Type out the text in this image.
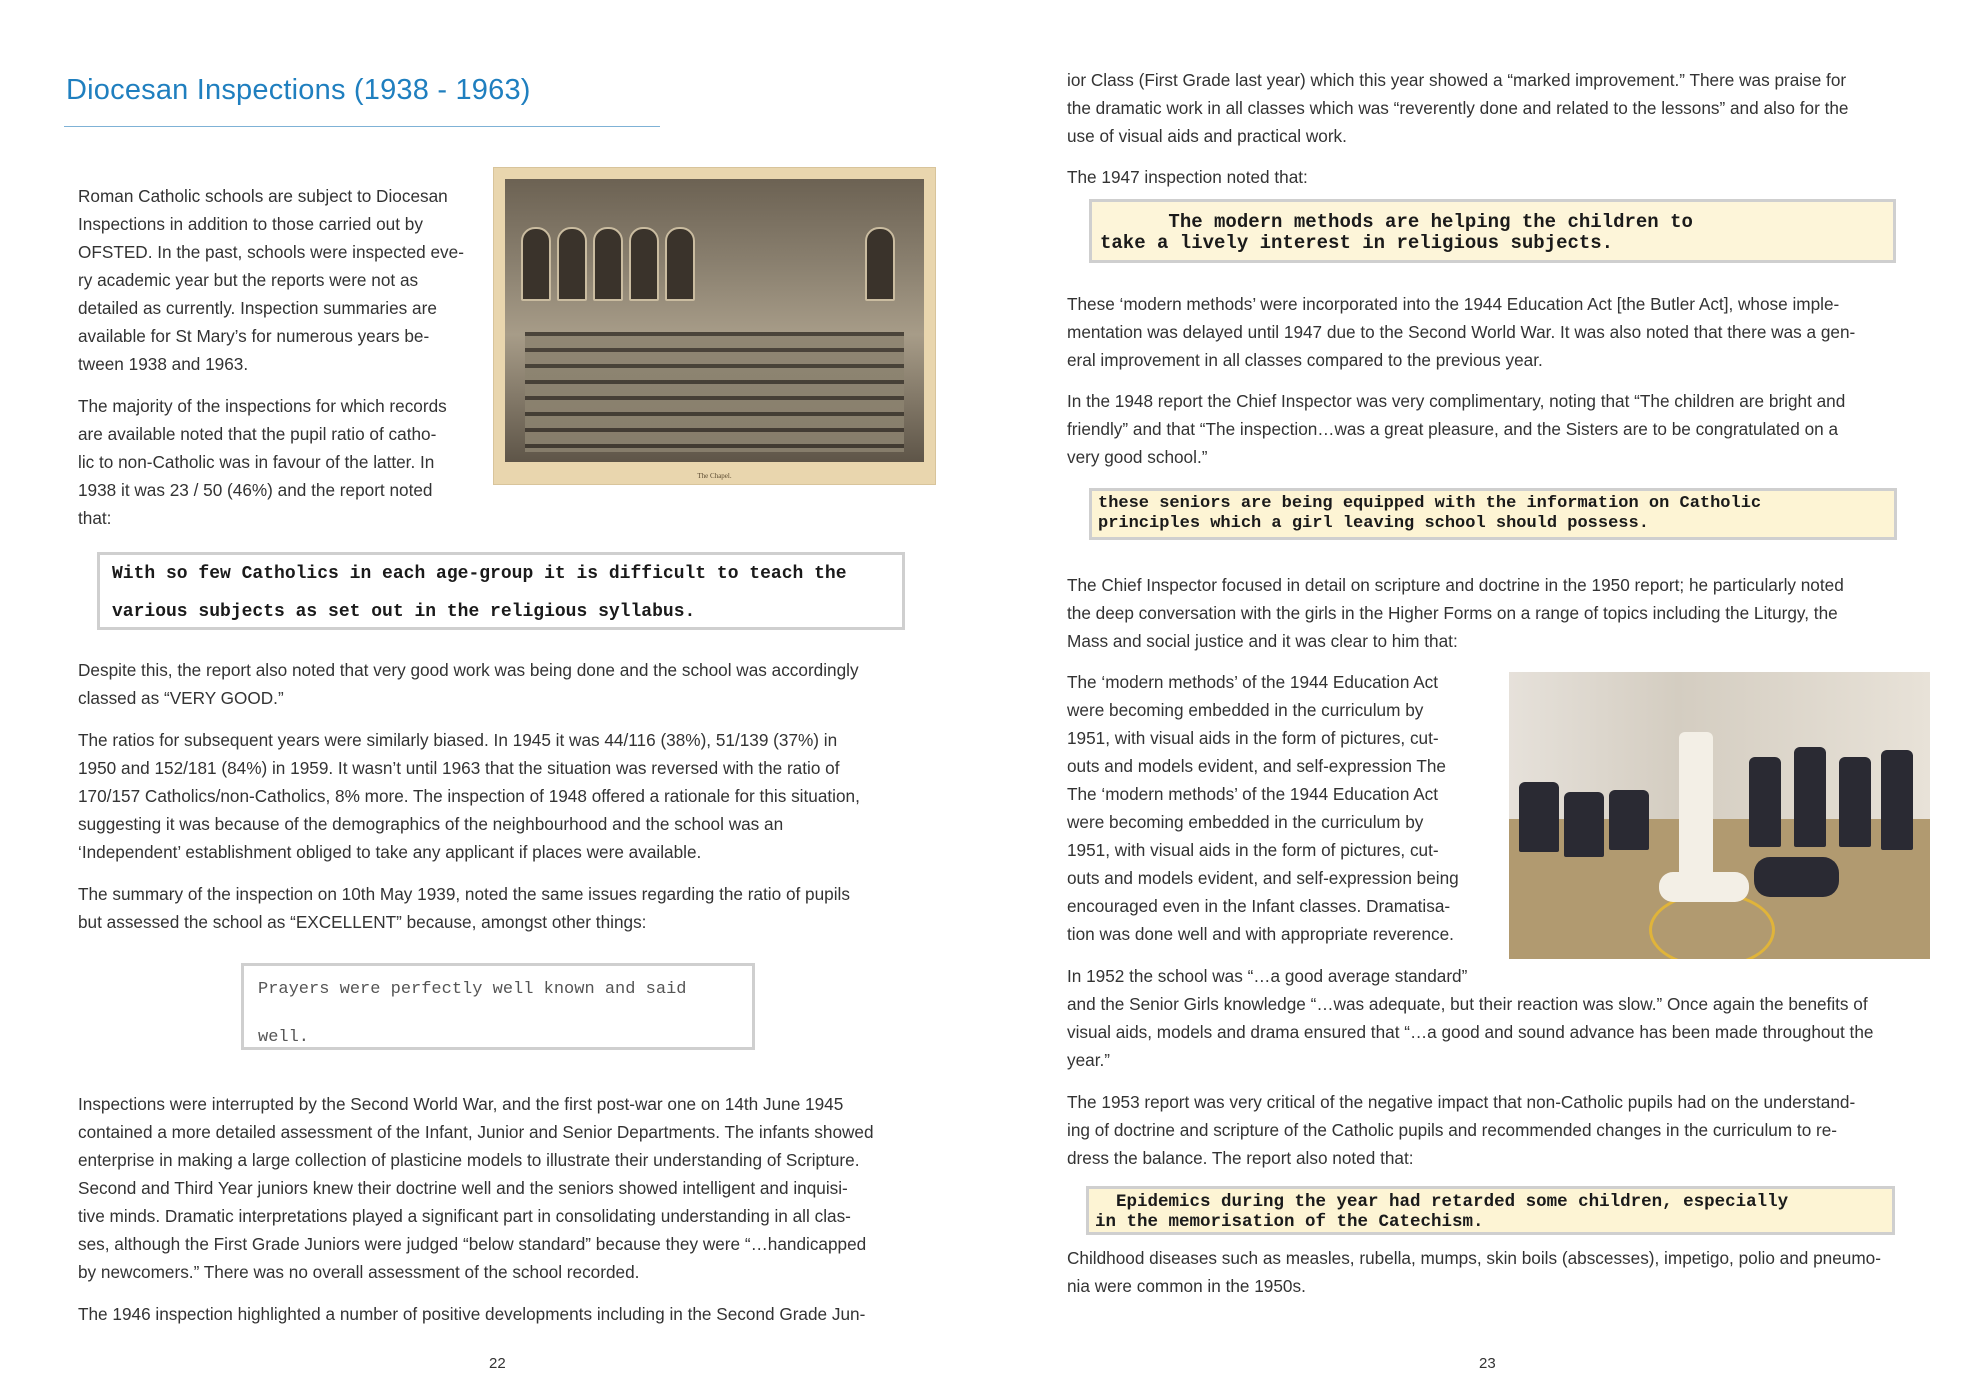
Diocesan Inspections (1938 - 1963)

Roman Catholic schools are subject to Diocesan
Inspections in addition to those carried out by
OFSTED. In the past, schools were inspected eve-
ry academic year but the reports were not as
detailed as currently. Inspection summaries are
available for St Mary’s for numerous years be-
tween 1938 and 1963.

The majority of the inspections for which records
are available noted that the pupil ratio of catho-
lic to non-Catholic was in favour of the latter. In
1938 it was 23 / 50 (46%) and the report noted
that:

The Chapel.
With so few Catholics in each age-group it is difficult to teach the
various subjects as set out in the religious syllabus.

Despite this, the report also noted that very good work was being done and the school was accordingly
classed as “VERY GOOD.”

The ratios for subsequent years were similarly biased. In 1945 it was 44/116 (38%), 51/139 (37%) in
1950 and 152/181 (84%) in 1959. It wasn’t until 1963 that the situation was reversed with the ratio of
170/157 Catholics/non-Catholics, 8% more. The inspection of 1948 offered a rationale for this situation,
suggesting it was because of the demographics of the neighbourhood and the school was an
‘Independent’ establishment obliged to take any applicant if places were available.

The summary of the inspection on 10th May 1939, noted the same issues regarding the ratio of pupils
but assessed the school as “EXCELLENT” because, amongst other things:

Prayers were perfectly well known and said
well.

Inspections were interrupted by the Second World War, and the first post-war one on 14th June 1945
contained a more detailed assessment of the Infant, Junior and Senior Departments. The infants showed
enterprise in making a large collection of plasticine models to illustrate their understanding of Scripture.
Second and Third Year juniors knew their doctrine well and the seniors showed intelligent and inquisi-
tive minds. Dramatic interpretations played a significant part in consolidating understanding in all clas-
ses, although the First Grade Juniors were judged “below standard” because they were “…handicapped
by newcomers.” There was no overall assessment of the school recorded.

The 1946 inspection highlighted a number of positive developments including in the Second Grade Jun-

22	23

ior Class (First Grade last year) which this year showed a “marked improvement.” There was praise for
the dramatic work in all classes which was “reverently done and related to the lessons” and also for the
use of visual aids and practical work.

The 1947 inspection noted that:

The modern methods are helping the children to
take a lively interest in religious subjects.

These ‘modern methods’ were incorporated into the 1944 Education Act [the Butler Act], whose imple-
mentation was delayed until 1947 due to the Second World War. It was also noted that there was a gen-
eral improvement in all classes compared to the previous year.

In the 1948 report the Chief Inspector was very complimentary, noting that “The children are bright and
friendly” and that “The inspection…was a great pleasure, and the Sisters are to be congratulated on a
very good school.”

these seniors are being equipped with the information on Catholic
principles which a girl leaving school should possess.

The Chief Inspector focused in detail on scripture and doctrine in the 1950 report; he particularly noted
the deep conversation with the girls in the Higher Forms on a range of topics including the Liturgy, the
Mass and social justice and it was clear to him that:

The ‘modern methods’ of the 1944 Education Act
were becoming embedded in the curriculum by
1951, with visual aids in the form of pictures, cut-
outs and models evident, and self-expression The
The ‘modern methods’ of the 1944 Education Act
were becoming embedded in the curriculum by
1951, with visual aids in the form of pictures, cut-
outs and models evident, and self-expression being
encouraged even in the Infant classes. Dramatisa-
tion was done well and with appropriate reverence.

In 1952 the school was “…a good average standard”
and the Senior Girls knowledge “…was adequate, but their reaction was slow.” Once again the benefits of
visual aids, models and drama ensured that “…a good and sound advance has been made throughout the
year.”

The 1953 report was very critical of the negative impact that non-Catholic pupils had on the understand-
ing of doctrine and scripture of the Catholic pupils and recommended changes in the curriculum to re-
dress the balance. The report also noted that:

Epidemics during the year had retarded some children, especially
in the memorisation of the Catechism.

Childhood diseases such as measles, rubella, mumps, skin boils (abscesses), impetigo, polio and pneumo-
nia were common in the 1950s.
